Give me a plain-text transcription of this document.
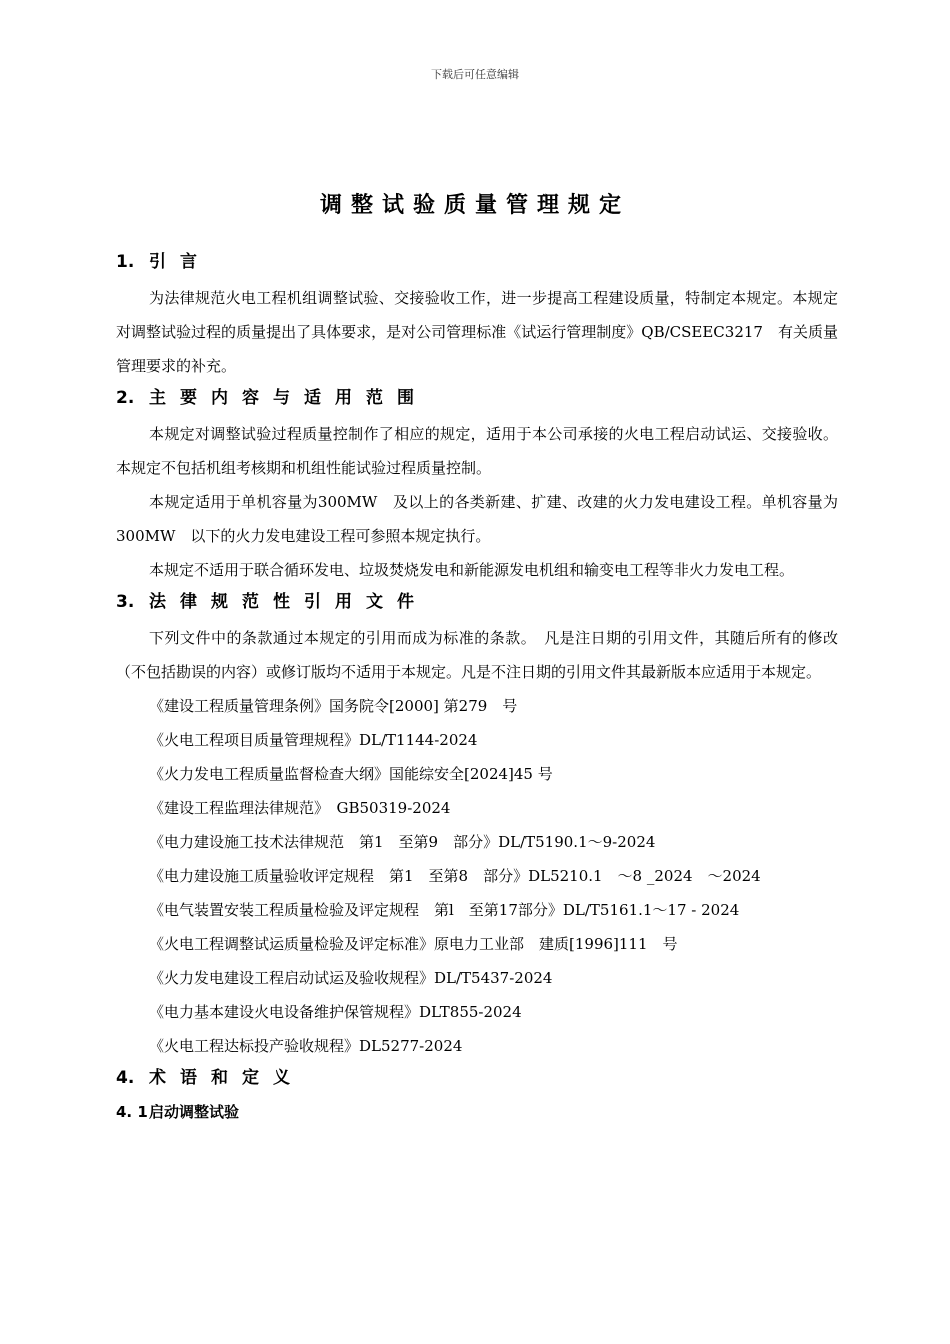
下载后可任意编辑
调整试验质量管理规定
1. 引言

为法律规范火电工程机组调整试验、交接验收工作，进一步提高工程建设质量，特制定本规定。本规定对调整试验过程的质量提出了具体要求，是对公司管理标准《试运行管理制度》QB/CSEEC3217　有关质量管理要求的补充。

2. 主要内容与适用范围

本规定对调整试验过程质量控制作了相应的规定，适用于本公司承接的火电工程启动试运、交接验收。本规定不包括机组考核期和机组性能试验过程质量控制。

本规定适用于单机容量为300MW　及以上的各类新建、扩建、改建的火力发电建设工程。单机容量为300MW　以下的火力发电建设工程可参照本规定执行。

本规定不适用于联合循环发电、垃圾焚烧发电和新能源发电机组和输变电工程等非火力发电工程。

3. 法律规范性引用文件

下列文件中的条款通过本规定的引用而成为标准的条款。　凡是注日期的引用文件，其随后所有的修改（不包括勘误的内容）或修订版均不适用于本规定。凡是不注日期的引用文件其最新版本应适用于本规定。

《建设工程质量管理条例》国务院令[2000] 第279　号

《火电工程项目质量管理规程》DL/T1144-2024

《火力发电工程质量监督检查大纲》国能综安全[2024]45 号

《建设工程监理法律规范》　GB50319-2024

《电力建设施工技术法律规范　第1　至第9　部分》DL/T5190.1～9-2024

《电力建设施工质量验收评定规程　第1　至第8　部分》DL5210.1　～8 _2024　～2024

《电气装置安装工程质量检验及评定规程　第l　至第17部分》DL/T5161.1～17 - 2024

《火电工程调整试运质量检验及评定标准》原电力工业部　建质[1996]111　号

《火力发电建设工程启动试运及验收规程》DL/T5437-2024

《电力基本建设火电设备维护保管规程》DLT855-2024

《火电工程达标投产验收规程》DL5277-2024

4. 术语和定义
4. 1启动调整试验
